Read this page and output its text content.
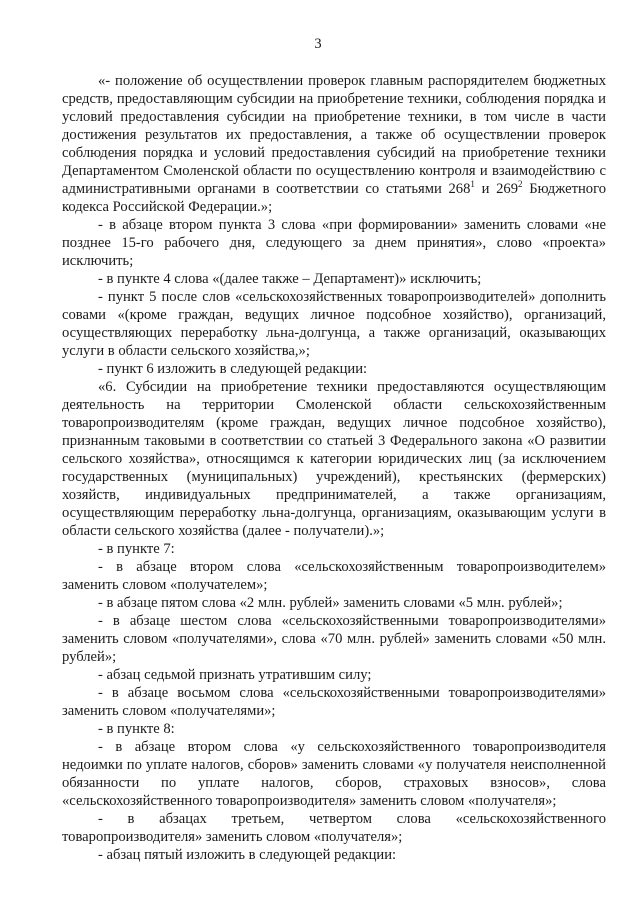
3

«- положение об осуществлении проверок главным распорядителем бюджетных средств, предоставляющим субсидии на приобретение техники, соблюдения порядка и условий предоставления субсидии на приобретение техники, в том числе в части достижения результатов их предоставления, а также об осуществлении проверок соблюдения порядка и условий предоставления субсидий на приобретение техники Департаментом Смоленской области по осуществлению контроля и взаимодействию с административными органами в соответствии со статьями $268^1$ и $269^2$ Бюджетного кодекса Российской Федерации.»;

- в абзаце втором пункта 3 слова «при формировании» заменить словами «не позднее 15-го рабочего дня, следующего за днем принятия», слово «проекта» исключить;

- в пункте 4 слова «(далее также – Департамент)» исключить;

- пункт 5 после слов «сельскохозяйственных товаропроизводителей» дополнить совами «(кроме граждан, ведущих личное подсобное хозяйство), организаций, осуществляющих переработку льна-долгунца, а также организаций, оказывающих услуги в области сельского хозяйства,»;

- пункт 6 изложить в следующей редакции:

«6. Субсидии на приобретение техники предоставляются осуществляющим деятельность на территории Смоленской области сельскохозяйственным товаропроизводителям (кроме граждан, ведущих личное подсобное хозяйство), признанным таковыми в соответствии со статьей 3 Федерального закона «О развитии сельского хозяйства», относящимся к категории юридических лиц (за исключением государственных (муниципальных) учреждений), крестьянских (фермерских) хозяйств, индивидуальных предпринимателей, а также организациям, осуществляющим переработку льна-долгунца, организациям, оказывающим услуги в области сельского хозяйства (далее - получатели).»;

- в пункте 7:

- в абзаце втором слова «сельскохозяйственным товаропроизводителем» заменить словом «получателем»;

- в абзаце пятом слова «2 млн. рублей» заменить словами «5 млн. рублей»;

- в абзаце шестом слова «сельскохозяйственными товаропроизводителями» заменить словом «получателями», слова «70 млн. рублей» заменить словами «50 млн. рублей»;

- абзац седьмой признать утратившим силу;

- в абзаце восьмом слова «сельскохозяйственными товаропроизводителями» заменить словом «получателями»;

- в пункте 8:

- в абзаце втором слова «у сельскохозяйственного товаропроизводителя недоимки по уплате налогов, сборов» заменить словами «у получателя неисполненной обязанности по уплате налогов, сборов, страховых взносов», слова «сельскохозяйственного товаропроизводителя» заменить словом «получателя»;

- в абзацах третьем, четвертом слова «сельскохозяйственного товаропроизводителя» заменить словом «получателя»;

- абзац пятый изложить в следующей редакции:
